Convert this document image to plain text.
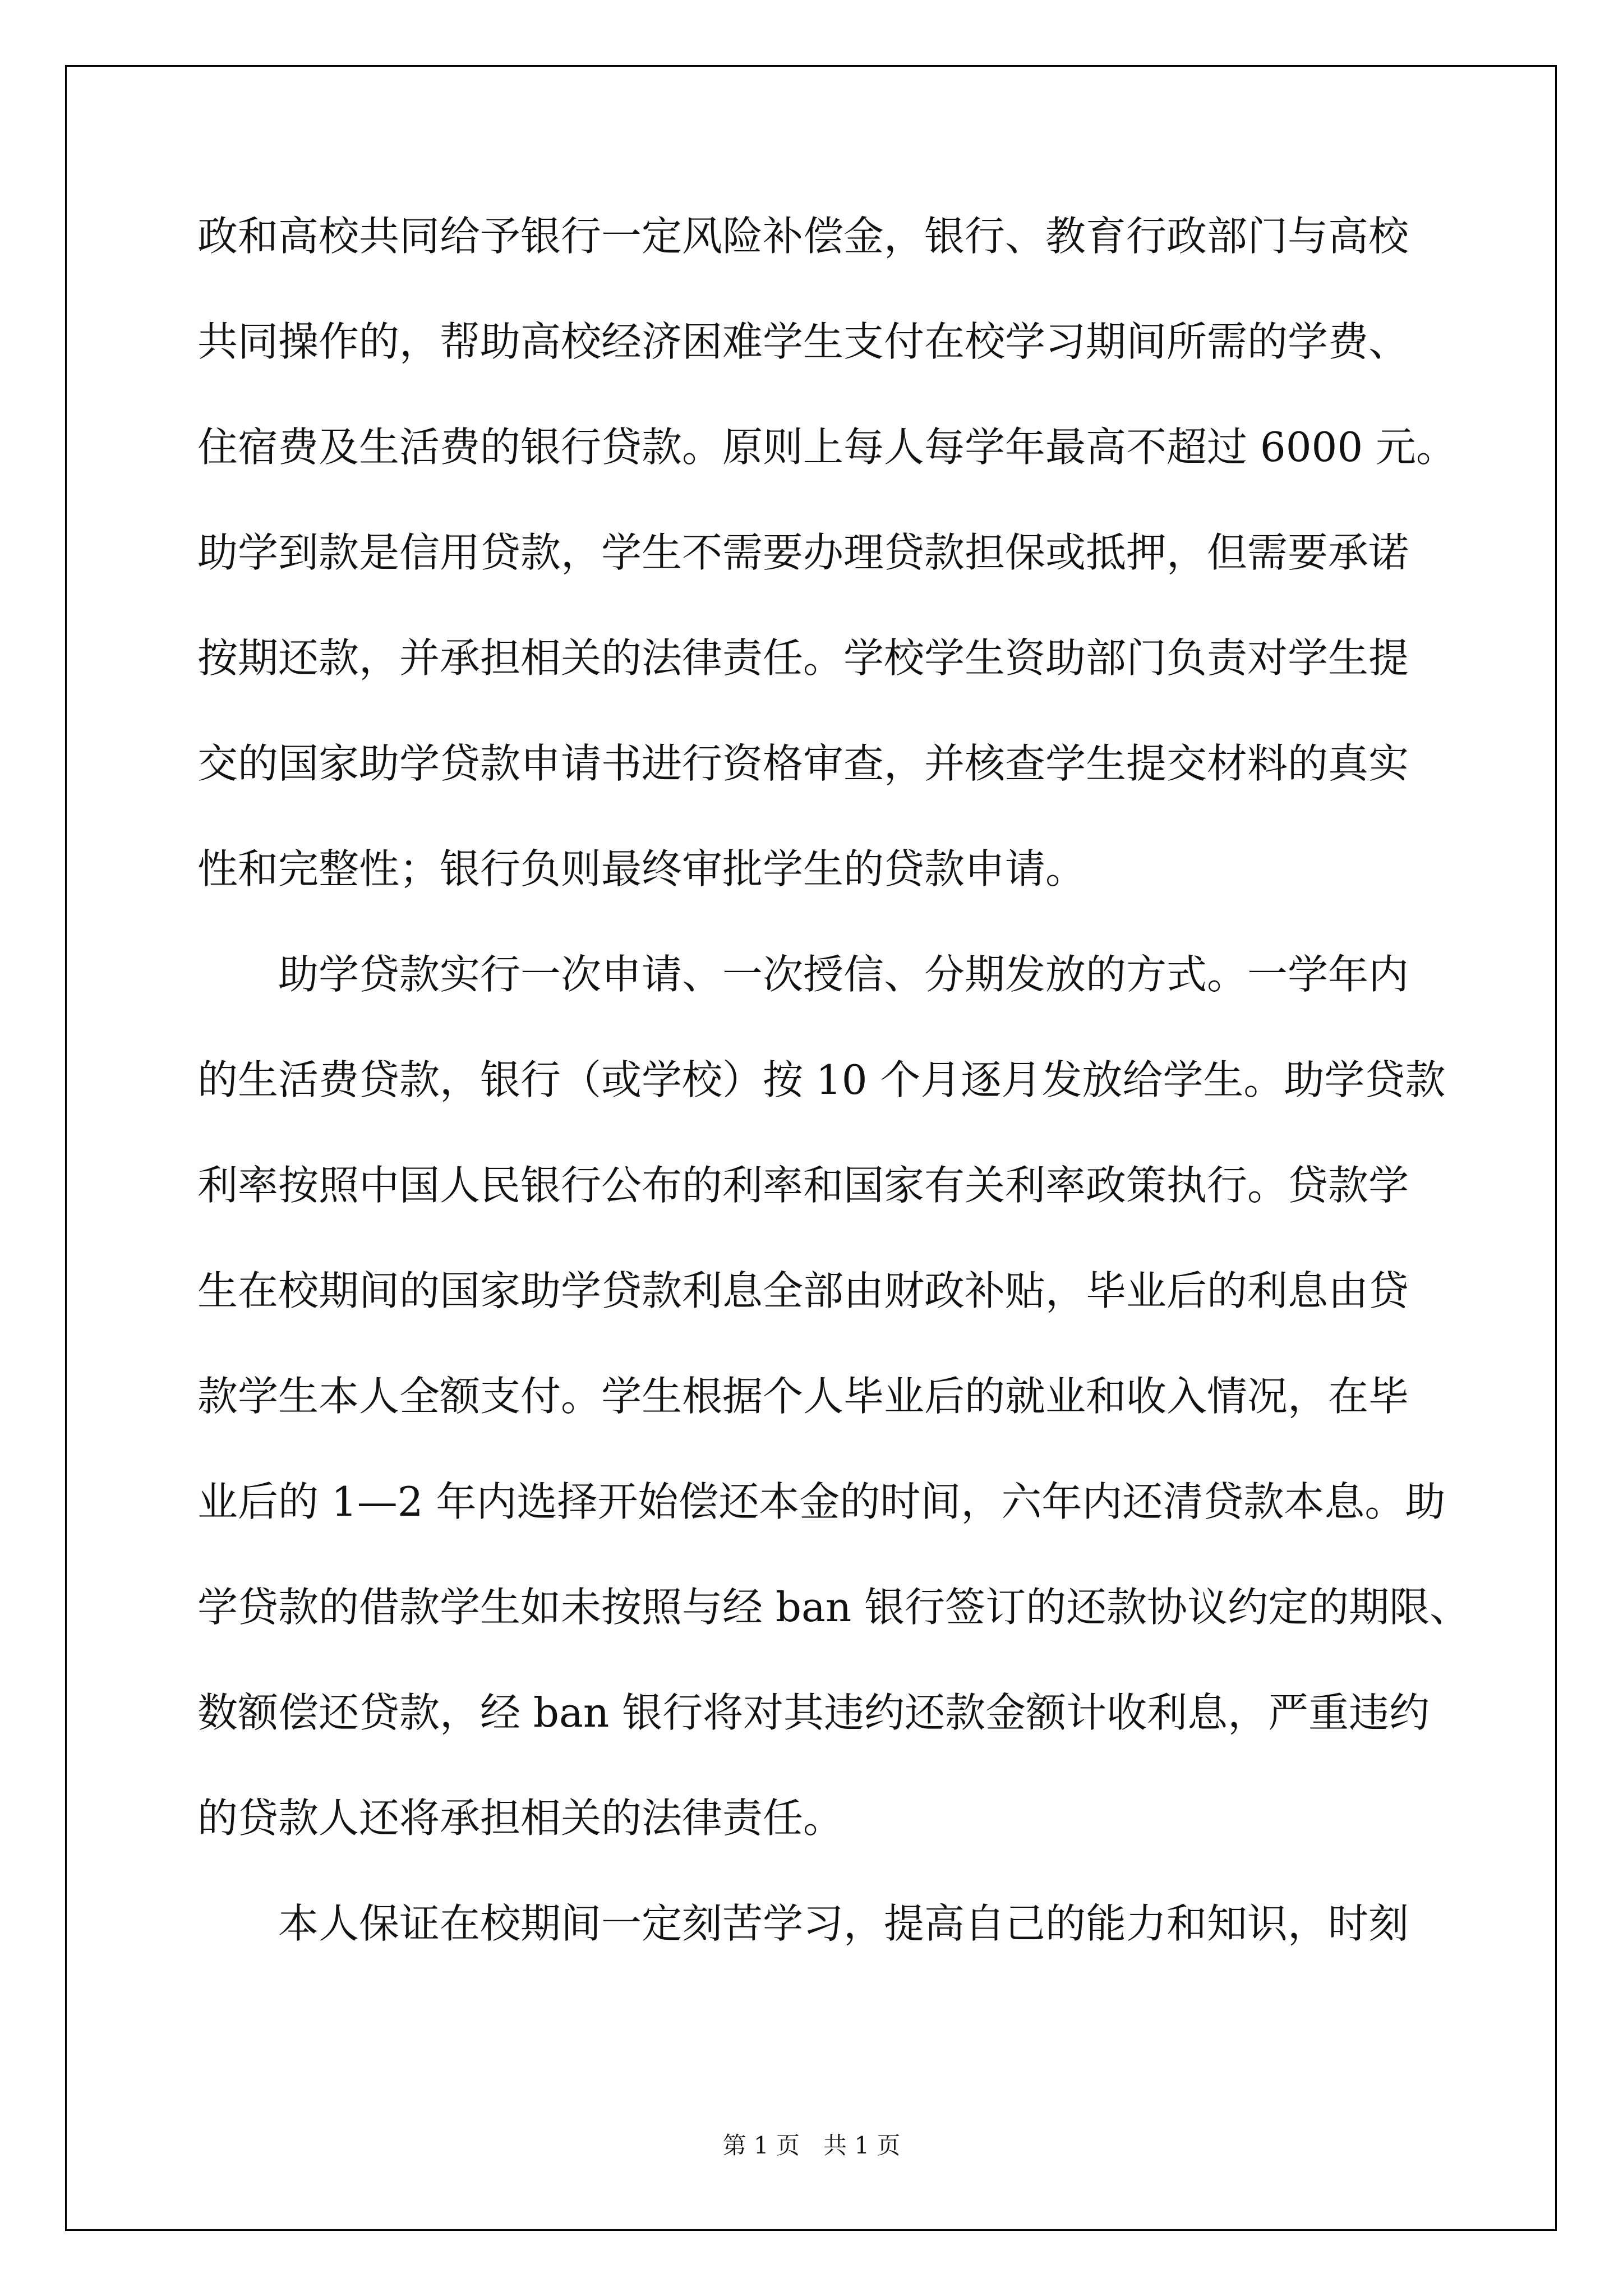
政和高校共同给予银行一定风险补偿金，银行、教育行政部门与高校
共同操作的，帮助高校经济困难学生支付在校学习期间所需的学费、
住宿费及生活费的银行贷款。原则上每人每学年最高不超过 6000 元。
助学到款是信用贷款，学生不需要办理贷款担保或抵押，但需要承诺
按期还款，并承担相关的法律责任。学校学生资助部门负责对学生提
交的国家助学贷款申请书进行资格审查，并核查学生提交材料的真实
性和完整性；银行负则最终审批学生的贷款申请。
助学贷款实行一次申请、一次授信、分期发放的方式。一学年内
的生活费贷款，银行（或学校）按 10 个月逐月发放给学生。助学贷款
利率按照中国人民银行公布的利率和国家有关利率政策执行。贷款学
生在校期间的国家助学贷款利息全部由财政补贴，毕业后的利息由贷
款学生本人全额支付。学生根据个人毕业后的就业和收入情况，在毕
业后的 1—2 年内选择开始偿还本金的时间，六年内还清贷款本息。助
学贷款的借款学生如未按照与经 ban 银行签订的还款协议约定的期限、
数额偿还贷款，经 ban 银行将对其违约还款金额计收利息，严重违约
的贷款人还将承担相关的法律责任。
本人保证在校期间一定刻苦学习，提高自己的能力和知识，时刻
第 1 页　共 1 页
